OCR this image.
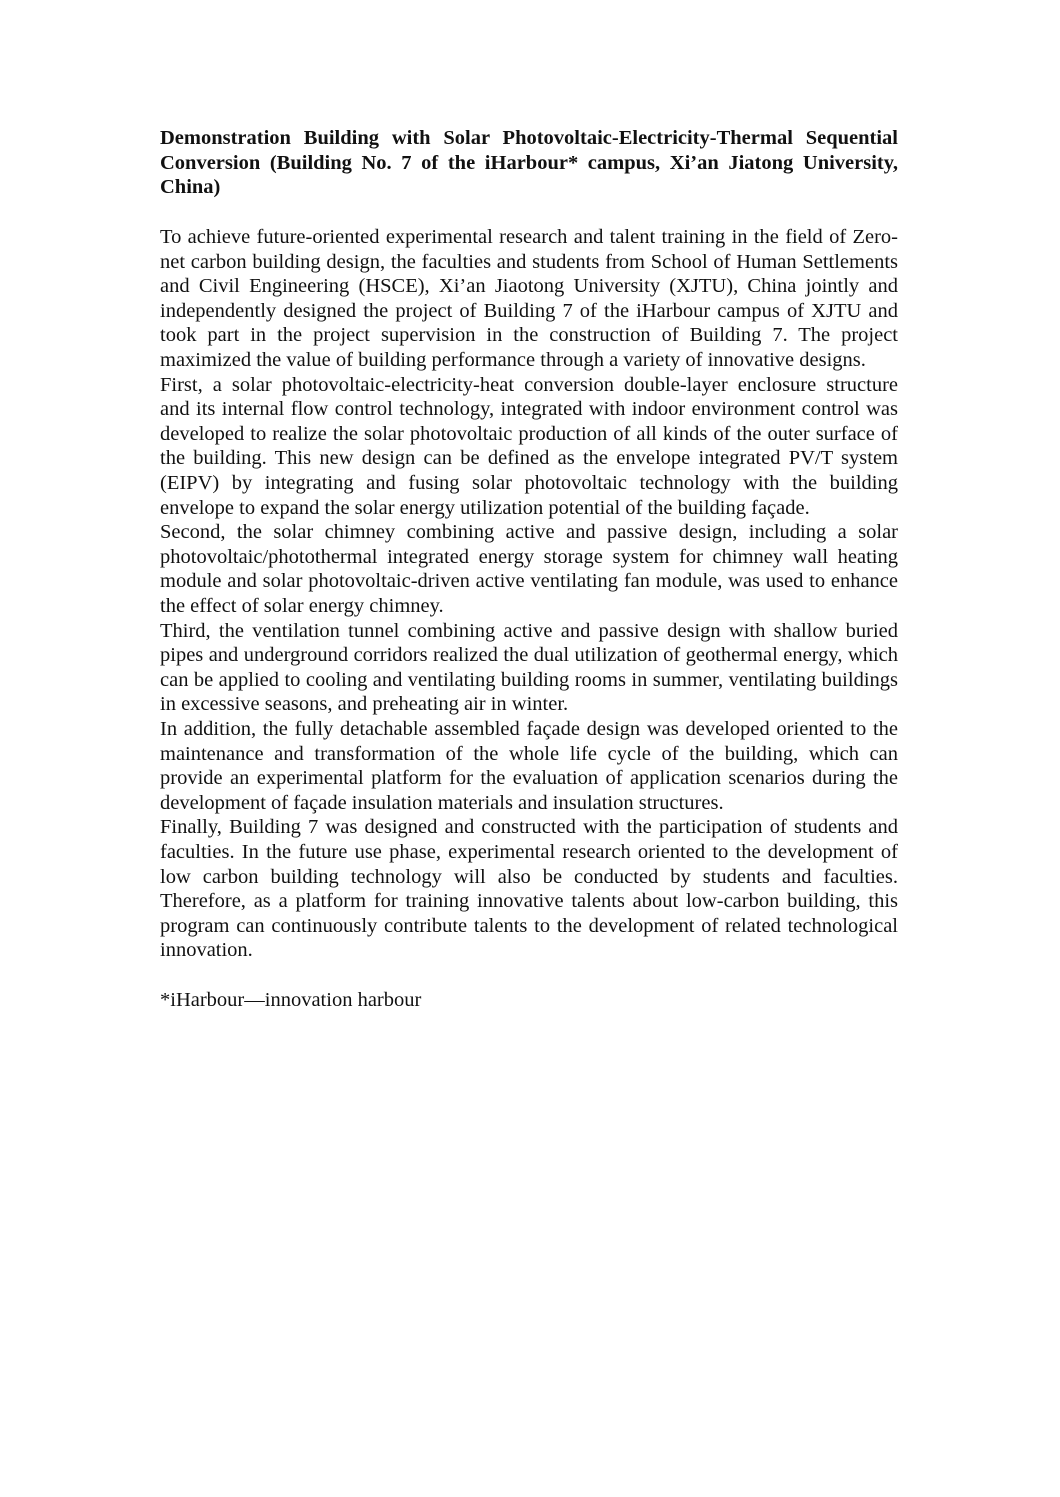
Demonstration Building with Solar Photovoltaic-Electricity-Thermal Sequential Conversion (Building No. 7 of the iHarbour* campus, Xi’an Jiatong University, China)

To achieve future-oriented experimental research and talent training in the field of Zero-net carbon building design, the faculties and students from School of Human Settlements and Civil Engineering (HSCE), Xi’an Jiaotong University (XJTU), China jointly and independently designed the project of Building 7 of the iHarbour campus of XJTU and took part in the project supervision in the construction of Building 7. The project maximized the value of building performance through a variety of innovative designs.

First, a solar photovoltaic-electricity-heat conversion double-layer enclosure structure and its internal flow control technology, integrated with indoor environment control was developed to realize the solar photovoltaic production of all kinds of the outer surface of the building. This new design can be defined as the envelope integrated PV/T system (EIPV) by integrating and fusing solar photovoltaic technology with the building envelope to expand the solar energy utilization potential of the building façade.

Second, the solar chimney combining active and passive design, including a solar photovoltaic/photothermal integrated energy storage system for chimney wall heating module and solar photovoltaic-driven active ventilating fan module, was used to enhance the effect of solar energy chimney.

Third, the ventilation tunnel combining active and passive design with shallow buried pipes and underground corridors realized the dual utilization of geothermal energy, which can be applied to cooling and ventilating building rooms in summer, ventilating buildings in excessive seasons, and preheating air in winter.

In addition, the fully detachable assembled façade design was developed oriented to the maintenance and transformation of the whole life cycle of the building, which can provide an experimental platform for the evaluation of application scenarios during the development of façade insulation materials and insulation structures.

Finally, Building 7 was designed and constructed with the participation of students and faculties. In the future use phase, experimental research oriented to the development of low carbon building technology will also be conducted by students and faculties. Therefore, as a platform for training innovative talents about low-carbon building, this program can continuously contribute talents to the development of related technological innovation.

*iHarbour—innovation harbour
